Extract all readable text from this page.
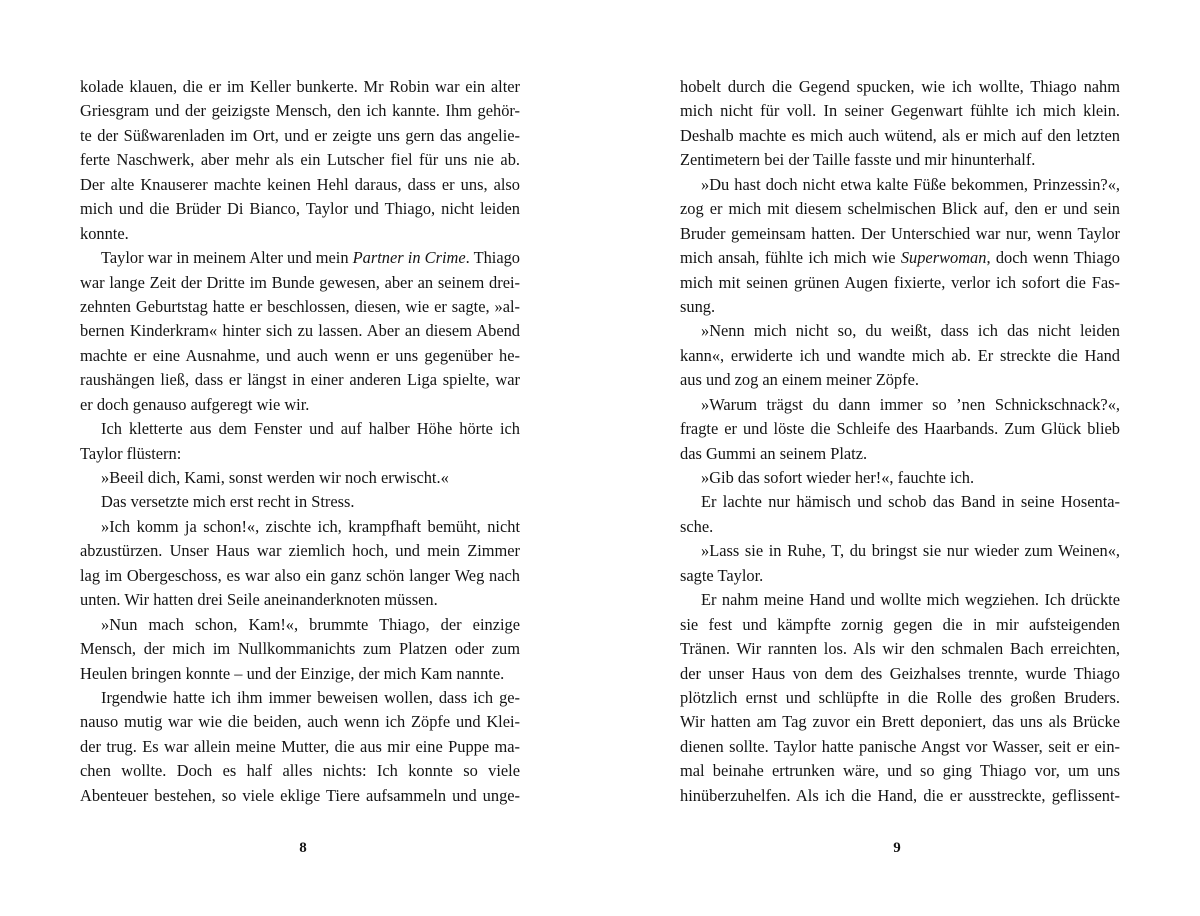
kolade klauen, die er im Keller bunkerte. Mr Robin war ein alter
Griesgram und der geizigste Mensch, den ich kannte. Ihm gehör-
te der Süßwarenladen im Ort, und er zeigte uns gern das angelie-
ferte Naschwerk, aber mehr als ein Lutscher fiel für uns nie ab.
Der alte Knauserer machte keinen Hehl daraus, dass er uns, also
mich und die Brüder Di Bianco, Taylor und Thiago, nicht leiden
konnte.
Taylor war in meinem Alter und mein Partner in Crime. Thiago
war lange Zeit der Dritte im Bunde gewesen, aber an seinem drei-
zehnten Geburtstag hatte er beschlossen, diesen, wie er sagte, »al-
bernen Kinderkram« hinter sich zu lassen. Aber an diesem Abend
machte er eine Ausnahme, und auch wenn er uns gegenüber he-
raushängen ließ, dass er längst in einer anderen Liga spielte, war
er doch genauso aufgeregt wie wir.
Ich kletterte aus dem Fenster und auf halber Höhe hörte ich
Taylor flüstern:
»Beeil dich, Kami, sonst werden wir noch erwischt.«
Das versetzte mich erst recht in Stress.
»Ich komm ja schon!«, zischte ich, krampfhaft bemüht, nicht
abzustürzen. Unser Haus war ziemlich hoch, und mein Zimmer
lag im Obergeschoss, es war also ein ganz schön langer Weg nach
unten. Wir hatten drei Seile aneinanderknoten müssen.
»Nun mach schon, Kam!«, brummte Thiago, der einzige
Mensch, der mich im Nullkommanichts zum Platzen oder zum
Heulen bringen konnte – und der Einzige, der mich Kam nannte.
Irgendwie hatte ich ihm immer beweisen wollen, dass ich ge-
nauso mutig war wie die beiden, auch wenn ich Zöpfe und Klei-
der trug. Es war allein meine Mutter, die aus mir eine Puppe ma-
chen wollte. Doch es half alles nichts: Ich konnte so viele
Abenteuer bestehen, so viele eklige Tiere aufsammeln und unge-
8
hobelt durch die Gegend spucken, wie ich wollte, Thiago nahm
mich nicht für voll. In seiner Gegenwart fühlte ich mich klein.
Deshalb machte es mich auch wütend, als er mich auf den letzten
Zentimetern bei der Taille fasste und mir hinunterhalf.
»Du hast doch nicht etwa kalte Füße bekommen, Prinzessin?«,
zog er mich mit diesem schelmischen Blick auf, den er und sein
Bruder gemeinsam hatten. Der Unterschied war nur, wenn Taylor
mich ansah, fühlte ich mich wie Superwoman, doch wenn Thiago
mich mit seinen grünen Augen fixierte, verlor ich sofort die Fas-
sung.
»Nenn mich nicht so, du weißt, dass ich das nicht leiden
kann«, erwiderte ich und wandte mich ab. Er streckte die Hand
aus und zog an einem meiner Zöpfe.
»Warum trägst du dann immer so ’nen Schnickschnack?«,
fragte er und löste die Schleife des Haarbands. Zum Glück blieb
das Gummi an seinem Platz.
»Gib das sofort wieder her!«, fauchte ich.
Er lachte nur hämisch und schob das Band in seine Hosenta-
sche.
»Lass sie in Ruhe, T, du bringst sie nur wieder zum Weinen«,
sagte Taylor.
Er nahm meine Hand und wollte mich wegziehen. Ich drückte
sie fest und kämpfte zornig gegen die in mir aufsteigenden
Tränen. Wir rannten los. Als wir den schmalen Bach erreichten,
der unser Haus von dem des Geizhalses trennte, wurde Thiago
plötzlich ernst und schlüpfte in die Rolle des großen Bruders.
Wir hatten am Tag zuvor ein Brett deponiert, das uns als Brücke
dienen sollte. Taylor hatte panische Angst vor Wasser, seit er ein-
mal beinahe ertrunken wäre, und so ging Thiago vor, um uns
hinüberzuhelfen. Als ich die Hand, die er ausstreckte, geflissent-
9
